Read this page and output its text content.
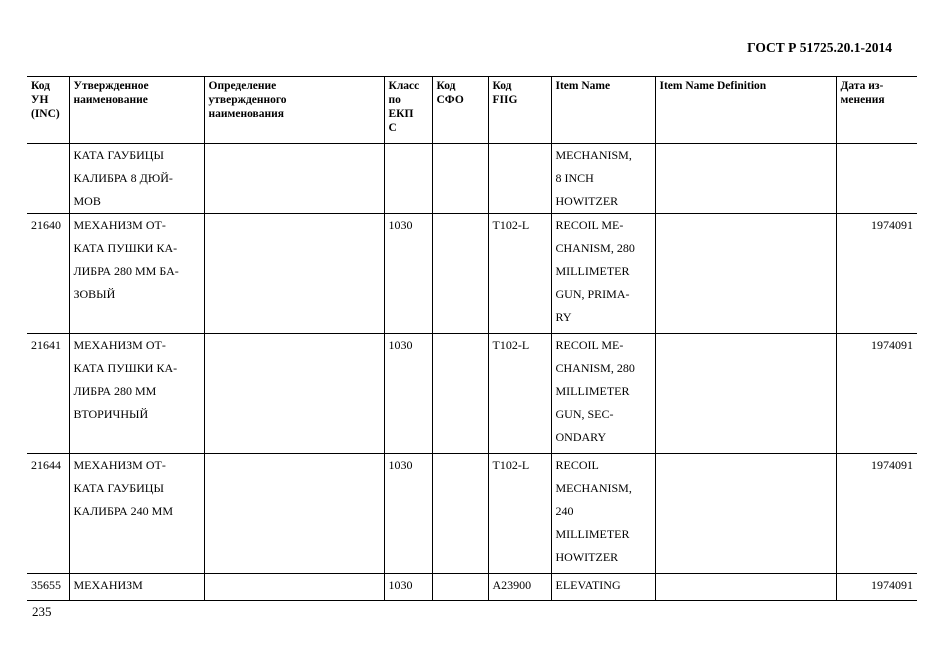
ГОСТ Р 51725.20.1-2014
Код
УН
(INC)	Утвержденное
наименование	Определение
утвержденного
наименования	Класс
по
ЕКП
С	Код
СФО	Код
FIIG	Item Name	Item Name Definition	Дата из-
менения

	КАТА ГАУБИЦЫ
КАЛИБРА 8 ДЮЙ-
МОВ					MECHANISM,
8 INCH
HOWITZER		

21640	МЕХАНИЗМ ОТ-
КАТА ПУШКИ КА-
ЛИБРА 280 ММ БА-
ЗОВЫЙ		1030		T102-L	RECOIL ME-
CHANISM, 280
MILLIMETER
GUN, PRIMA-
RY		1974091

21641	МЕХАНИЗМ ОТ-
КАТА ПУШКИ КА-
ЛИБРА 280 ММ
ВТОРИЧНЫЙ		1030		T102-L	RECOIL ME-
CHANISM, 280
MILLIMETER
GUN, SEC-
ONDARY		1974091

21644	МЕХАНИЗМ ОТ-
КАТА ГАУБИЦЫ
КАЛИБРА 240 ММ		1030		T102-L	RECOIL
MECHANISM,
240
MILLIMETER
HOWITZER		1974091

35655	МЕХАНИЗМ		1030		A23900	ELEVATING		1974091
235
